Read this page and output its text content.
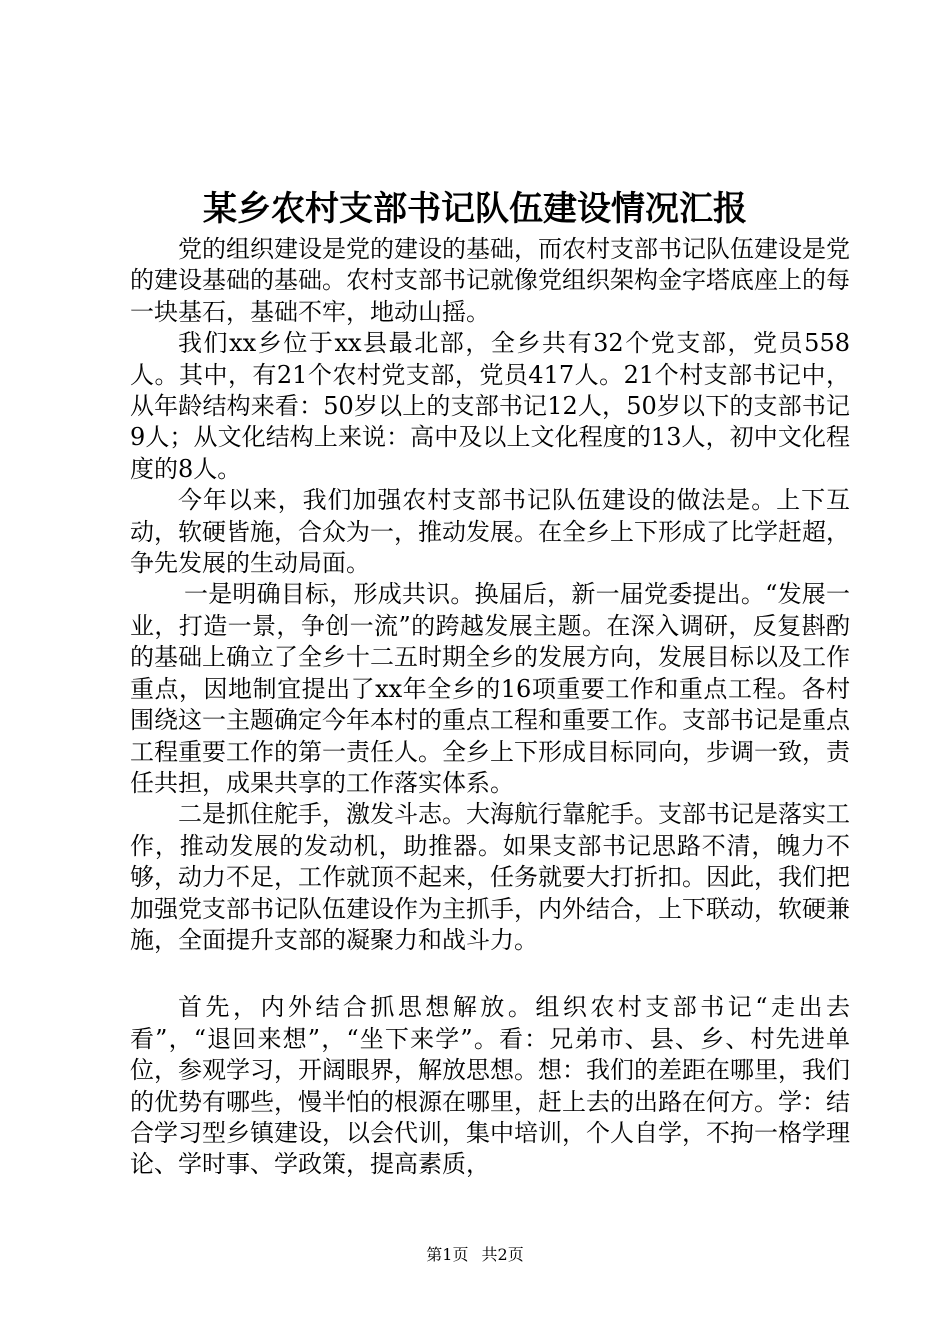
某乡农村支部书记队伍建设情况汇报

党的组织建设是党的建设的基础，而农村支部书记队伍建设是党的建设基础的基础。农村支部书记就像党组织架构金字塔底座上的每一块基石，基础不牢，地动山摇。

我们xx乡位于xx县最北部，全乡共有32个党支部，党员558人。其中，有21个农村党支部，党员417人。21个村支部书记中，从年龄结构来看：50岁以上的支部书记12人，50岁以下的支部书记9人；从文化结构上来说：高中及以上文化程度的13人，初中文化程度的8人。

今年以来，我们加强农村支部书记队伍建设的做法是。上下互动，软硬皆施，合众为一，推动发展。在全乡上下形成了比学赶超，争先发展的生动局面。

一是明确目标，形成共识。换届后，新一届党委提出。“发展一业，打造一景，争创一流”的跨越发展主题。在深入调研，反复斟酌的基础上确立了全乡十二五时期全乡的发展方向，发展目标以及工作重点，因地制宜提出了xx年全乡的16项重要工作和重点工程。各村围绕这一主题确定今年本村的重点工程和重要工作。支部书记是重点工程重要工作的第一责任人。全乡上下形成目标同向，步调一致，责任共担，成果共享的工作落实体系。

二是抓住舵手，激发斗志。大海航行靠舵手。支部书记是落实工作，推动发展的发动机，助推器。如果支部书记思路不清，魄力不够，动力不足，工作就顶不起来，任务就要大打折扣。因此，我们把加强党支部书记队伍建设作为主抓手，内外结合，上下联动，软硬兼施，全面提升支部的凝聚力和战斗力。

首先，内外结合抓思想解放。组织农村支部书记“走出去看”，“退回来想”，“坐下来学”。看：兄弟市、县、乡、村先进单位，参观学习，开阔眼界，解放思想。想：我们的差距在哪里，我们的优势有哪些，慢半怕的根源在哪里，赶上去的出路在何方。学：结合学习型乡镇建设，以会代训，集中培训，个人自学，不拘一格学理论、学时事、学政策，提高素质，

第1页 共2页
